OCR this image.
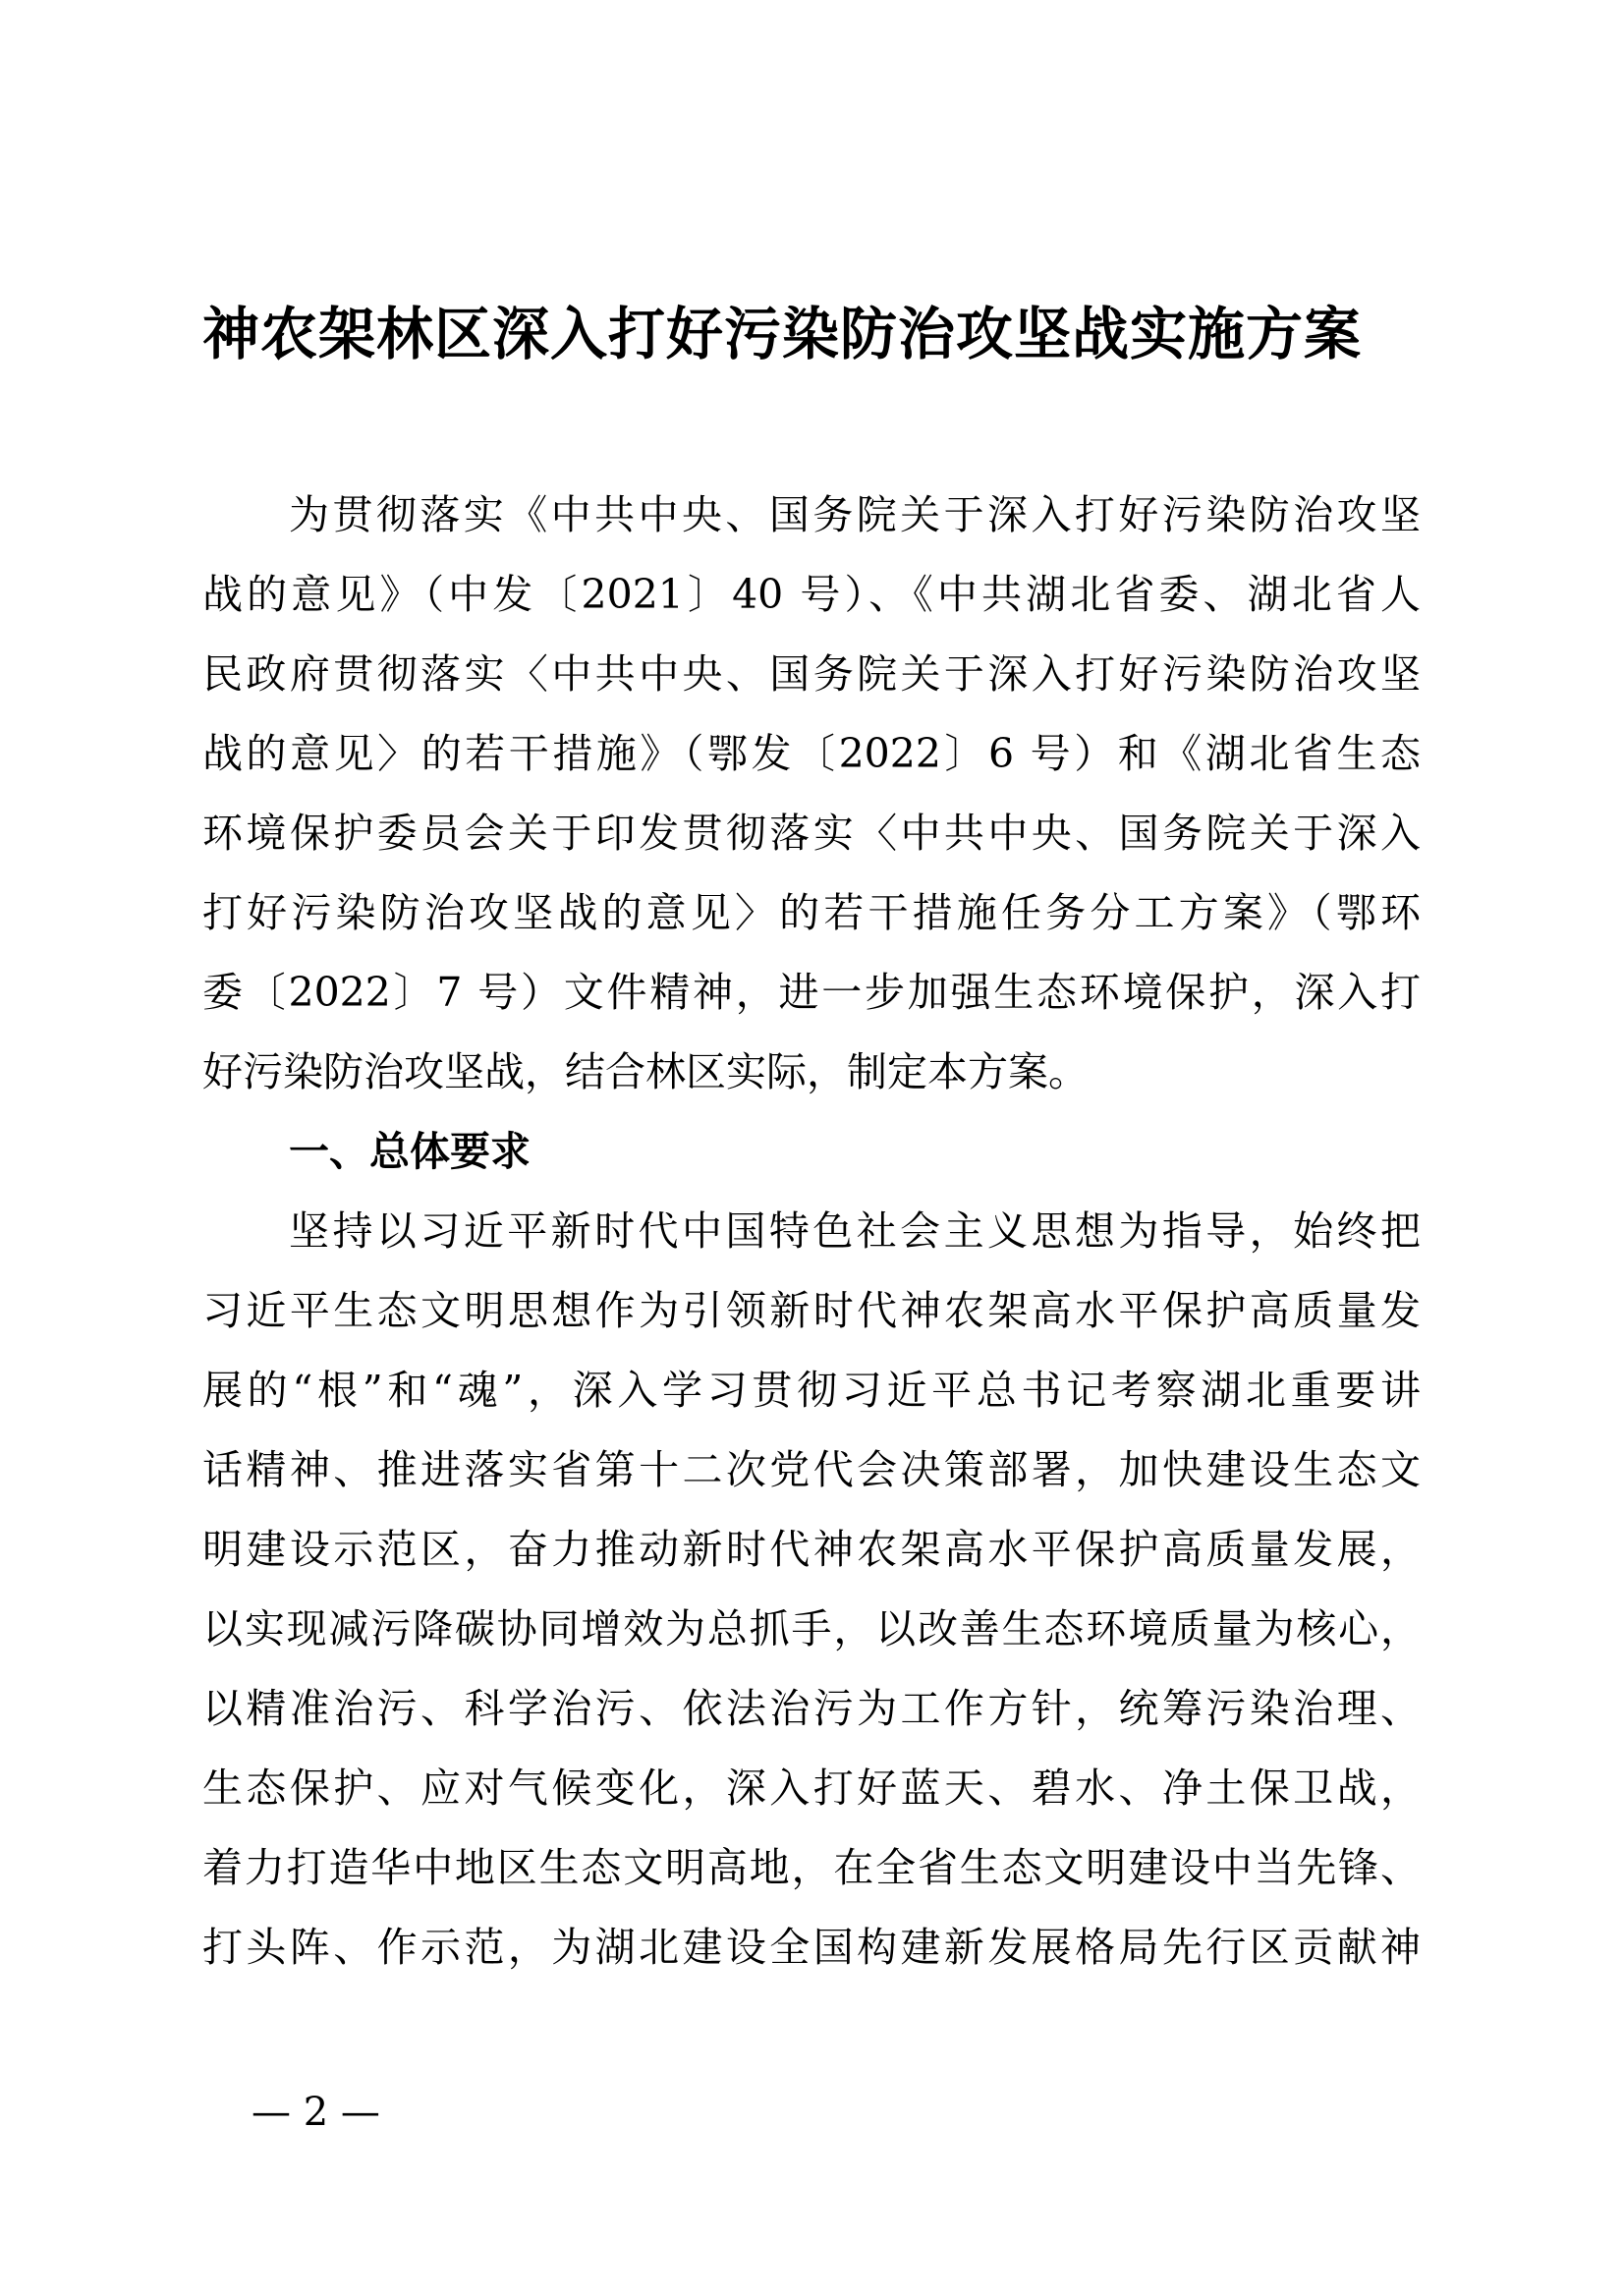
神农架林区深入打好污染防治攻坚战实施方案
为贯彻落实《中共中央、国务院关于深入打好污染防治攻坚
战的意见》（中发〔2021〕40 号）、《中共湖北省委、湖北省人
民政府贯彻落实〈中共中央、国务院关于深入打好污染防治攻坚
战的意见〉的若干措施》（鄂发〔2022〕6 号）和《湖北省生态
环境保护委员会关于印发贯彻落实〈中共中央、国务院关于深入
打好污染防治攻坚战的意见〉的若干措施任务分工方案》（鄂环
委〔2022〕7 号）文件精神，进一步加强生态环境保护，深入打
好污染防治攻坚战，结合林区实际，制定本方案。
一、总体要求
坚持以习近平新时代中国特色社会主义思想为指导，始终把
习近平生态文明思想作为引领新时代神农架高水平保护高质量发
展的“根”和“魂”，深入学习贯彻习近平总书记考察湖北重要讲
话精神、推进落实省第十二次党代会决策部署，加快建设生态文
明建设示范区，奋力推动新时代神农架高水平保护高质量发展，
以实现减污降碳协同增效为总抓手，以改善生态环境质量为核心，
以精准治污、科学治污、依法治污为工作方针，统筹污染治理、
生态保护、应对气候变化，深入打好蓝天、碧水、净土保卫战，
着力打造华中地区生态文明高地，在全省生态文明建设中当先锋、
打头阵、作示范，为湖北建设全国构建新发展格局先行区贡献神
— 2 —
